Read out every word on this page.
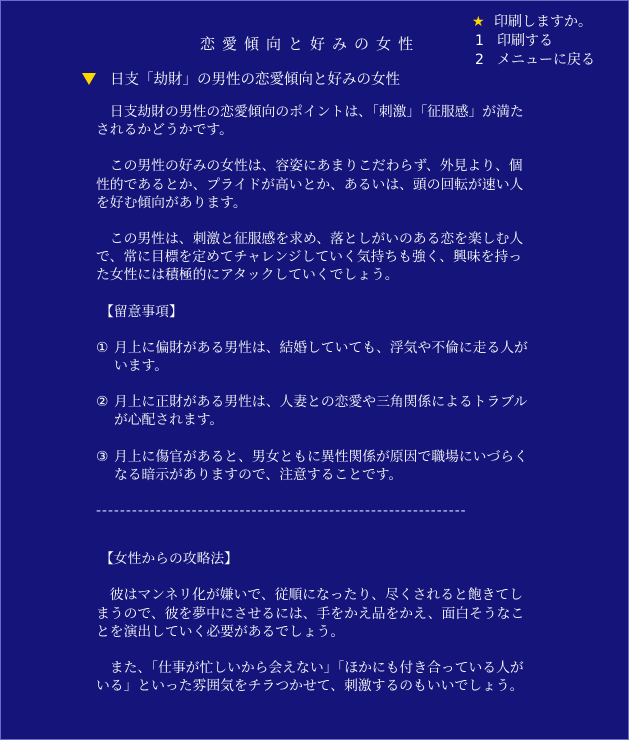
恋愛傾向と好みの女性
★ 印刷しますか。
1 印刷する
2 メニューに戻る
日支「劫財」の男性の恋愛傾向と好みの女性

日支劫財の男性の恋愛傾向のポイントは、「刺激」「征服感」が満たされるかどうかです。

この男性の好みの女性は、容姿にあまりこだわらず、外見より、個性的であるとか、プライドが高いとか、あるいは、頭の回転が速い人を好む傾向があります。

この男性は、刺激と征服感を求め、落としがいのある恋を楽しむ人で、常に目標を定めてチャレンジしていく気持ちも強く、興味を持った女性には積極的にアタックしていくでしょう。

【留意事項】

① 月上に偏財がある男性は、結婚していても、浮気や不倫に走る人がいます。

② 月上に正財がある男性は、人妻との恋愛や三角関係によるトラブルが心配されます。

③ 月上に傷官があると、男女ともに異性関係が原因で職場にいづらくなる暗示がありますので、注意することです。

--------------------------------------------------------------

【女性からの攻略法】

彼はマンネリ化が嫌いで、従順になったり、尽くされると飽きてしまうので、彼を夢中にさせるには、手をかえ品をかえ、面白そうなことを演出していく必要があるでしょう。

また、「仕事が忙しいから会えない」「ほかにも付き合っている人がいる」といった雰囲気をチラつかせて、刺激するのもいいでしょう。
